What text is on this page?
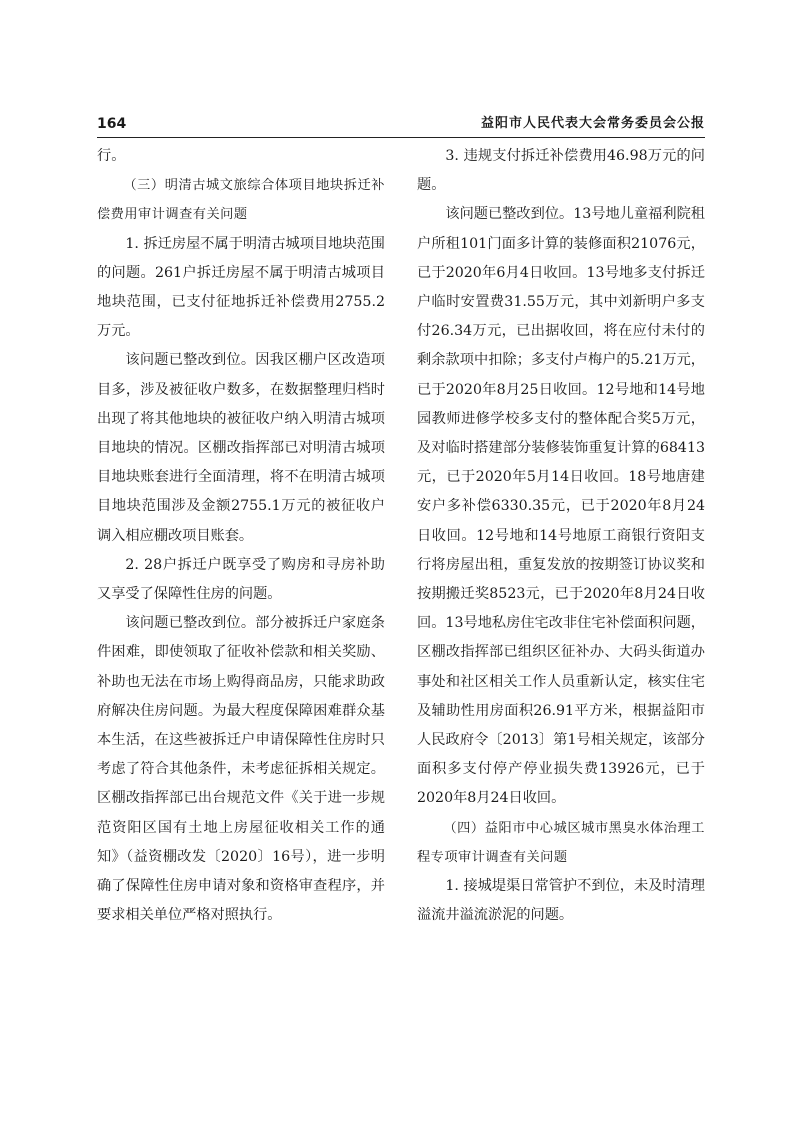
164	益阳市人民代表大会常务委员会公报

行。

（三）明清古城文旅综合体项目地块拆迁补偿费用审计调查有关问题

1. 拆迁房屋不属于明清古城项目地块范围的问题。261户拆迁房屋不属于明清古城项目地块范围，已支付征地拆迁补偿费用2755.2万元。

该问题已整改到位。因我区棚户区改造项目多，涉及被征收户数多，在数据整理归档时出现了将其他地块的被征收户纳入明清古城项目地块的情况。区棚改指挥部已对明清古城项目地块账套进行全面清理，将不在明清古城项目地块范围涉及金额2755.1万元的被征收户调入相应棚改项目账套。

2. 28户拆迁户既享受了购房和寻房补助又享受了保障性住房的问题。

该问题已整改到位。部分被拆迁户家庭条件困难，即使领取了征收补偿款和相关奖励、补助也无法在市场上购得商品房，只能求助政府解决住房问题。为最大程度保障困难群众基本生活，在这些被拆迁户申请保障性住房时只考虑了符合其他条件，未考虑征拆相关规定。区棚改指挥部已出台规范文件《关于进一步规范资阳区国有土地上房屋征收相关工作的通知》（益资棚改发〔2020〕16号），进一步明确了保障性住房申请对象和资格审查程序，并要求相关单位严格对照执行。

3. 违规支付拆迁补偿费用46.98万元的问题。

该问题已整改到位。13号地儿童福利院租户所租101门面多计算的装修面积21076元，已于2020年6月4日收回。13号地多支付拆迁户临时安置费31.55万元，其中刘新明户多支付26.34万元，已出据收回，将在应付未付的剩余款项中扣除；多支付卢梅户的5.21万元，已于2020年8月25日收回。12号地和14号地园教师进修学校多支付的整体配合奖5万元，及对临时搭建部分装修装饰重复计算的68413元，已于2020年5月14日收回。18号地唐建安户多补偿6330.35元，已于2020年8月24日收回。12号地和14号地原工商银行资阳支行将房屋出租，重复发放的按期签订协议奖和按期搬迁奖8523元，已于2020年8月24日收回。13号地私房住宅改非住宅补偿面积问题，区棚改指挥部已组织区征补办、大码头街道办事处和社区相关工作人员重新认定，核实住宅及辅助性用房面积26.91平方米，根据益阳市人民政府令〔2013〕第1号相关规定，该部分面积多支付停产停业损失费13926元，已于2020年8月24日收回。

（四）益阳市中心城区城市黑臭水体治理工程专项审计调查有关问题

1. 接城堤渠日常管护不到位，未及时清理溢流井溢流淤泥的问题。
